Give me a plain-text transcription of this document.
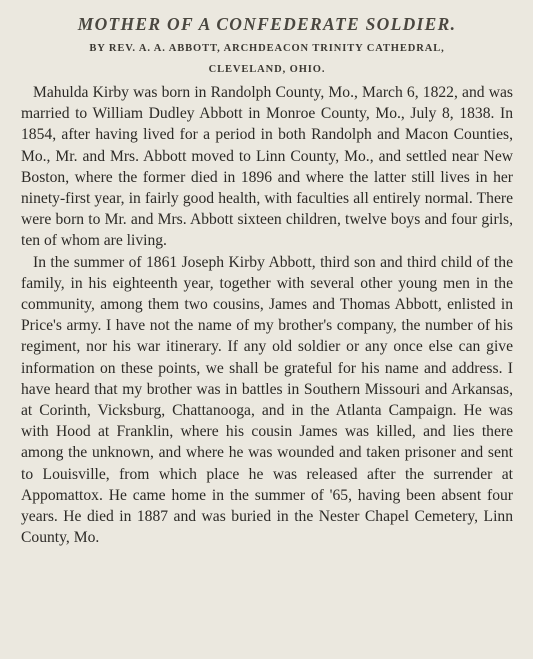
MOTHER OF A CONFEDERATE SOLDIER.
BY REV. A. A. ABBOTT, ARCHDEACON TRINITY CATHEDRAL,
CLEVELAND, OHIO.

Mahulda Kirby was born in Randolph County, Mo., March 6, 1822, and was married to William Dudley Abbott in Monroe County, Mo., July 8, 1838. In 1854, after having lived for a period in both Randolph and Macon Counties, Mo., Mr. and Mrs. Abbott moved to Linn County, Mo., and settled near New Boston, where the former died in 1896 and where the latter still lives in her ninety-first year, in fairly good health, with faculties all entirely normal. There were born to Mr. and Mrs. Abbott sixteen children, twelve boys and four girls, ten of whom are living.

In the summer of 1861 Joseph Kirby Abbott, third son and third child of the family, in his eighteenth year, together with several other young men in the community, among them two cousins, James and Thomas Abbott, enlisted in Price's army. I have not the name of my brother's company, the number of his regiment, nor his war itinerary. If any old soldier or any once else can give information on these points, we shall be grateful for his name and address. I have heard that my brother was in battles in Southern Missouri and Arkansas, at Corinth, Vicksburg, Chattanooga, and in the Atlanta Campaign. He was with Hood at Franklin, where his cousin James was killed, and lies there among the unknown, and where he was wounded and taken prisoner and sent to Louisville, from which place he was released after the surrender at Appomattox. He came home in the summer of '65, having been absent four years. He died in 1887 and was buried in the Nester Chapel Cemetery, Linn County, Mo.
